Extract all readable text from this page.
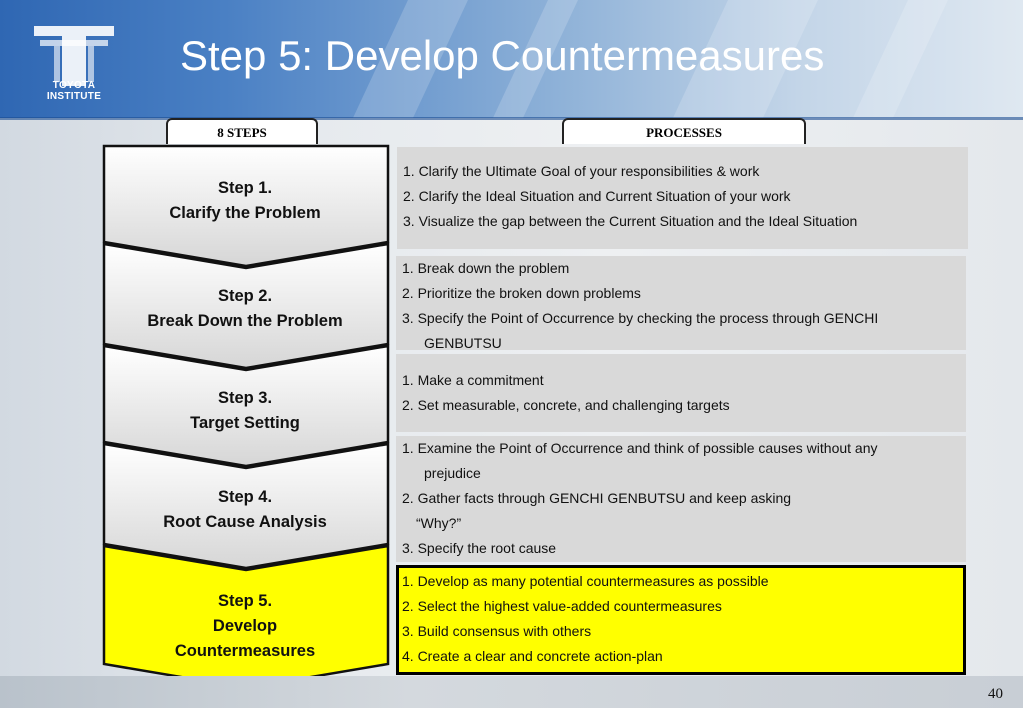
TOYOTA
INSTITUTE
Step 5: Develop Countermeasures
8 STEPS	PROCESSES
Step 1.
Clarify the Problem
Step 2.
Break Down the Problem
Step 3.
Target Setting
Step 4.
Root Cause Analysis
Step 5.
Develop
Countermeasures
1. Clarify the Ultimate Goal of your responsibilities & work
2. Clarify the Ideal Situation and Current Situation of your work
3. Visualize the gap between the Current Situation and the Ideal Situation
1. Break down the problem
2. Prioritize the broken down problems
3. Specify the Point of Occurrence by checking the process through GENCHI
GENBUTSU
1. Make a commitment
2. Set measurable, concrete, and challenging targets
1. Examine the Point of Occurrence and think of possible causes without any
prejudice
2. Gather facts through GENCHI GENBUTSU and keep asking
“Why?”
3. Specify the root cause
1. Develop as many potential countermeasures as possible
2. Select the highest value-added countermeasures
3. Build consensus with others
4. Create a clear and concrete action-plan
40
